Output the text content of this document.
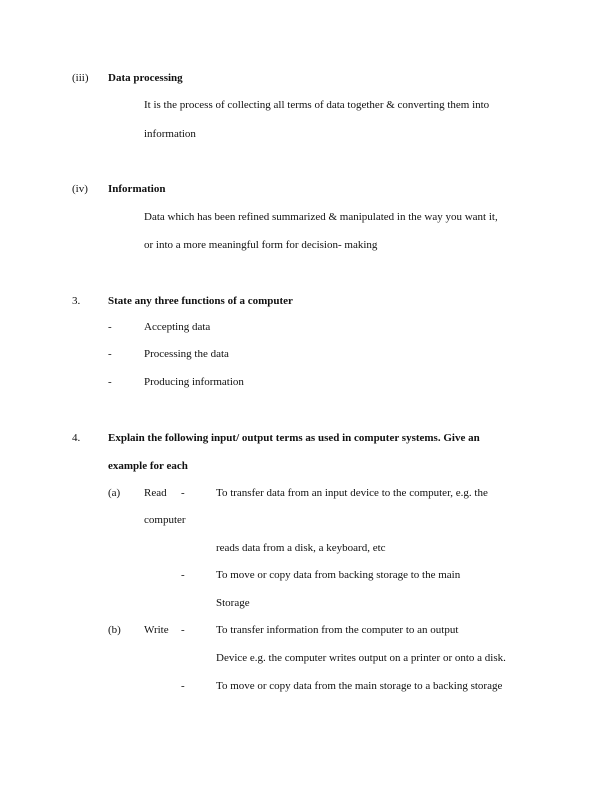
(iii) Data processing
It is the process of collecting all terms of data together & converting them into
information
(iv) Information
Data which has been refined summarized & manipulated in the way you want it,
or into a more meaningful form for decision- making
3.	State any three functions of a computer
-	Accepting data
-	Processing the data
-	Producing information
4.	Explain the following input/ output terms as used in computer systems. Give an
example for each
(a) Read -	To transfer data from an input device to the computer, e.g. the
computer
reads data from a disk, a keyboard, etc
-	To move or copy data from backing storage to the main
Storage
(b) Write -	To transfer information from the computer to an output
Device e.g. the computer writes output on a printer or onto a disk.
-	To move or copy data from the main storage to a backing storage
